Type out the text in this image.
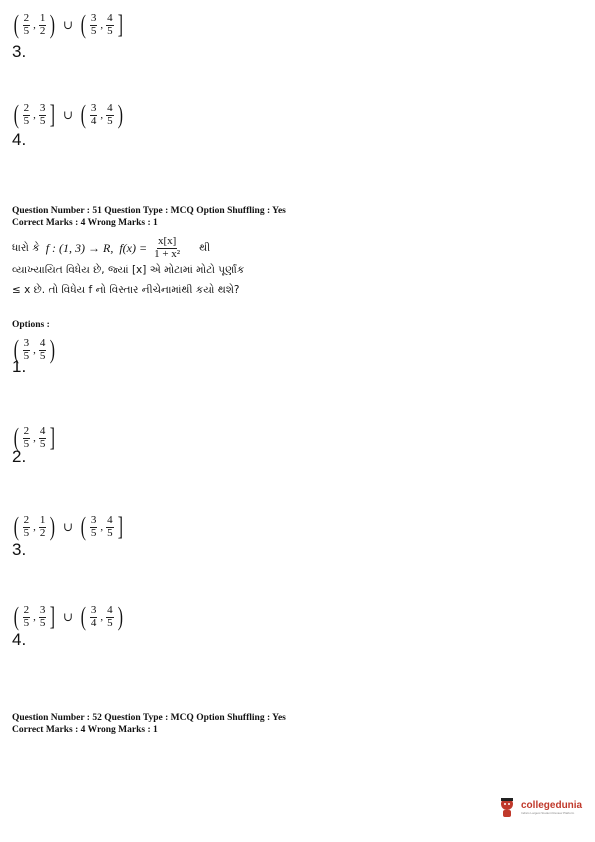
( $\frac{2}{5}$ , $\frac{1}{2}$ ) ∪ ( $\frac{3}{5}$ , $\frac{4}{5}$ ]
3.
( $\frac{2}{5}$ , $\frac{3}{5}$ ] ∪ ( $\frac{3}{4}$ , $\frac{4}{5}$ )
4.
Question Number : 51 Question Type : MCQ Option Shuffling : Yes
Correct Marks : 4 Wrong Marks : 1
ધારો કે f : (1, 3) → R, $f(x) = \frac{x[x]}{\text{1 + x²}}$ થી
વ્યાખ્યાયિત વિધેય છે, જ્યાં [x] એ મોટામાં મોટો પૂર્ણાંક
≤ x છે. તો વિધેય f નો વિસ્તાર નીચેનામાંથી કયો થશે?
Options :
( $\frac{3}{5}$ , $\frac{4}{5}$ )
1.
( $\frac{2}{5}$ , $\frac{4}{5}$ ]
2.
( $\frac{2}{5}$ , $\frac{1}{2}$ ) ∪ ( $\frac{3}{5}$ , $\frac{4}{5}$ ]
3.
( $\frac{2}{5}$ , $\frac{3}{5}$ ] ∪ ( $\frac{3}{4}$ , $\frac{4}{5}$ )
4.
Question Number : 52 Question Type : MCQ Option Shuffling : Yes
Correct Marks : 4 Wrong Marks : 1
collegedunia
India's Largest Student Review Platform
